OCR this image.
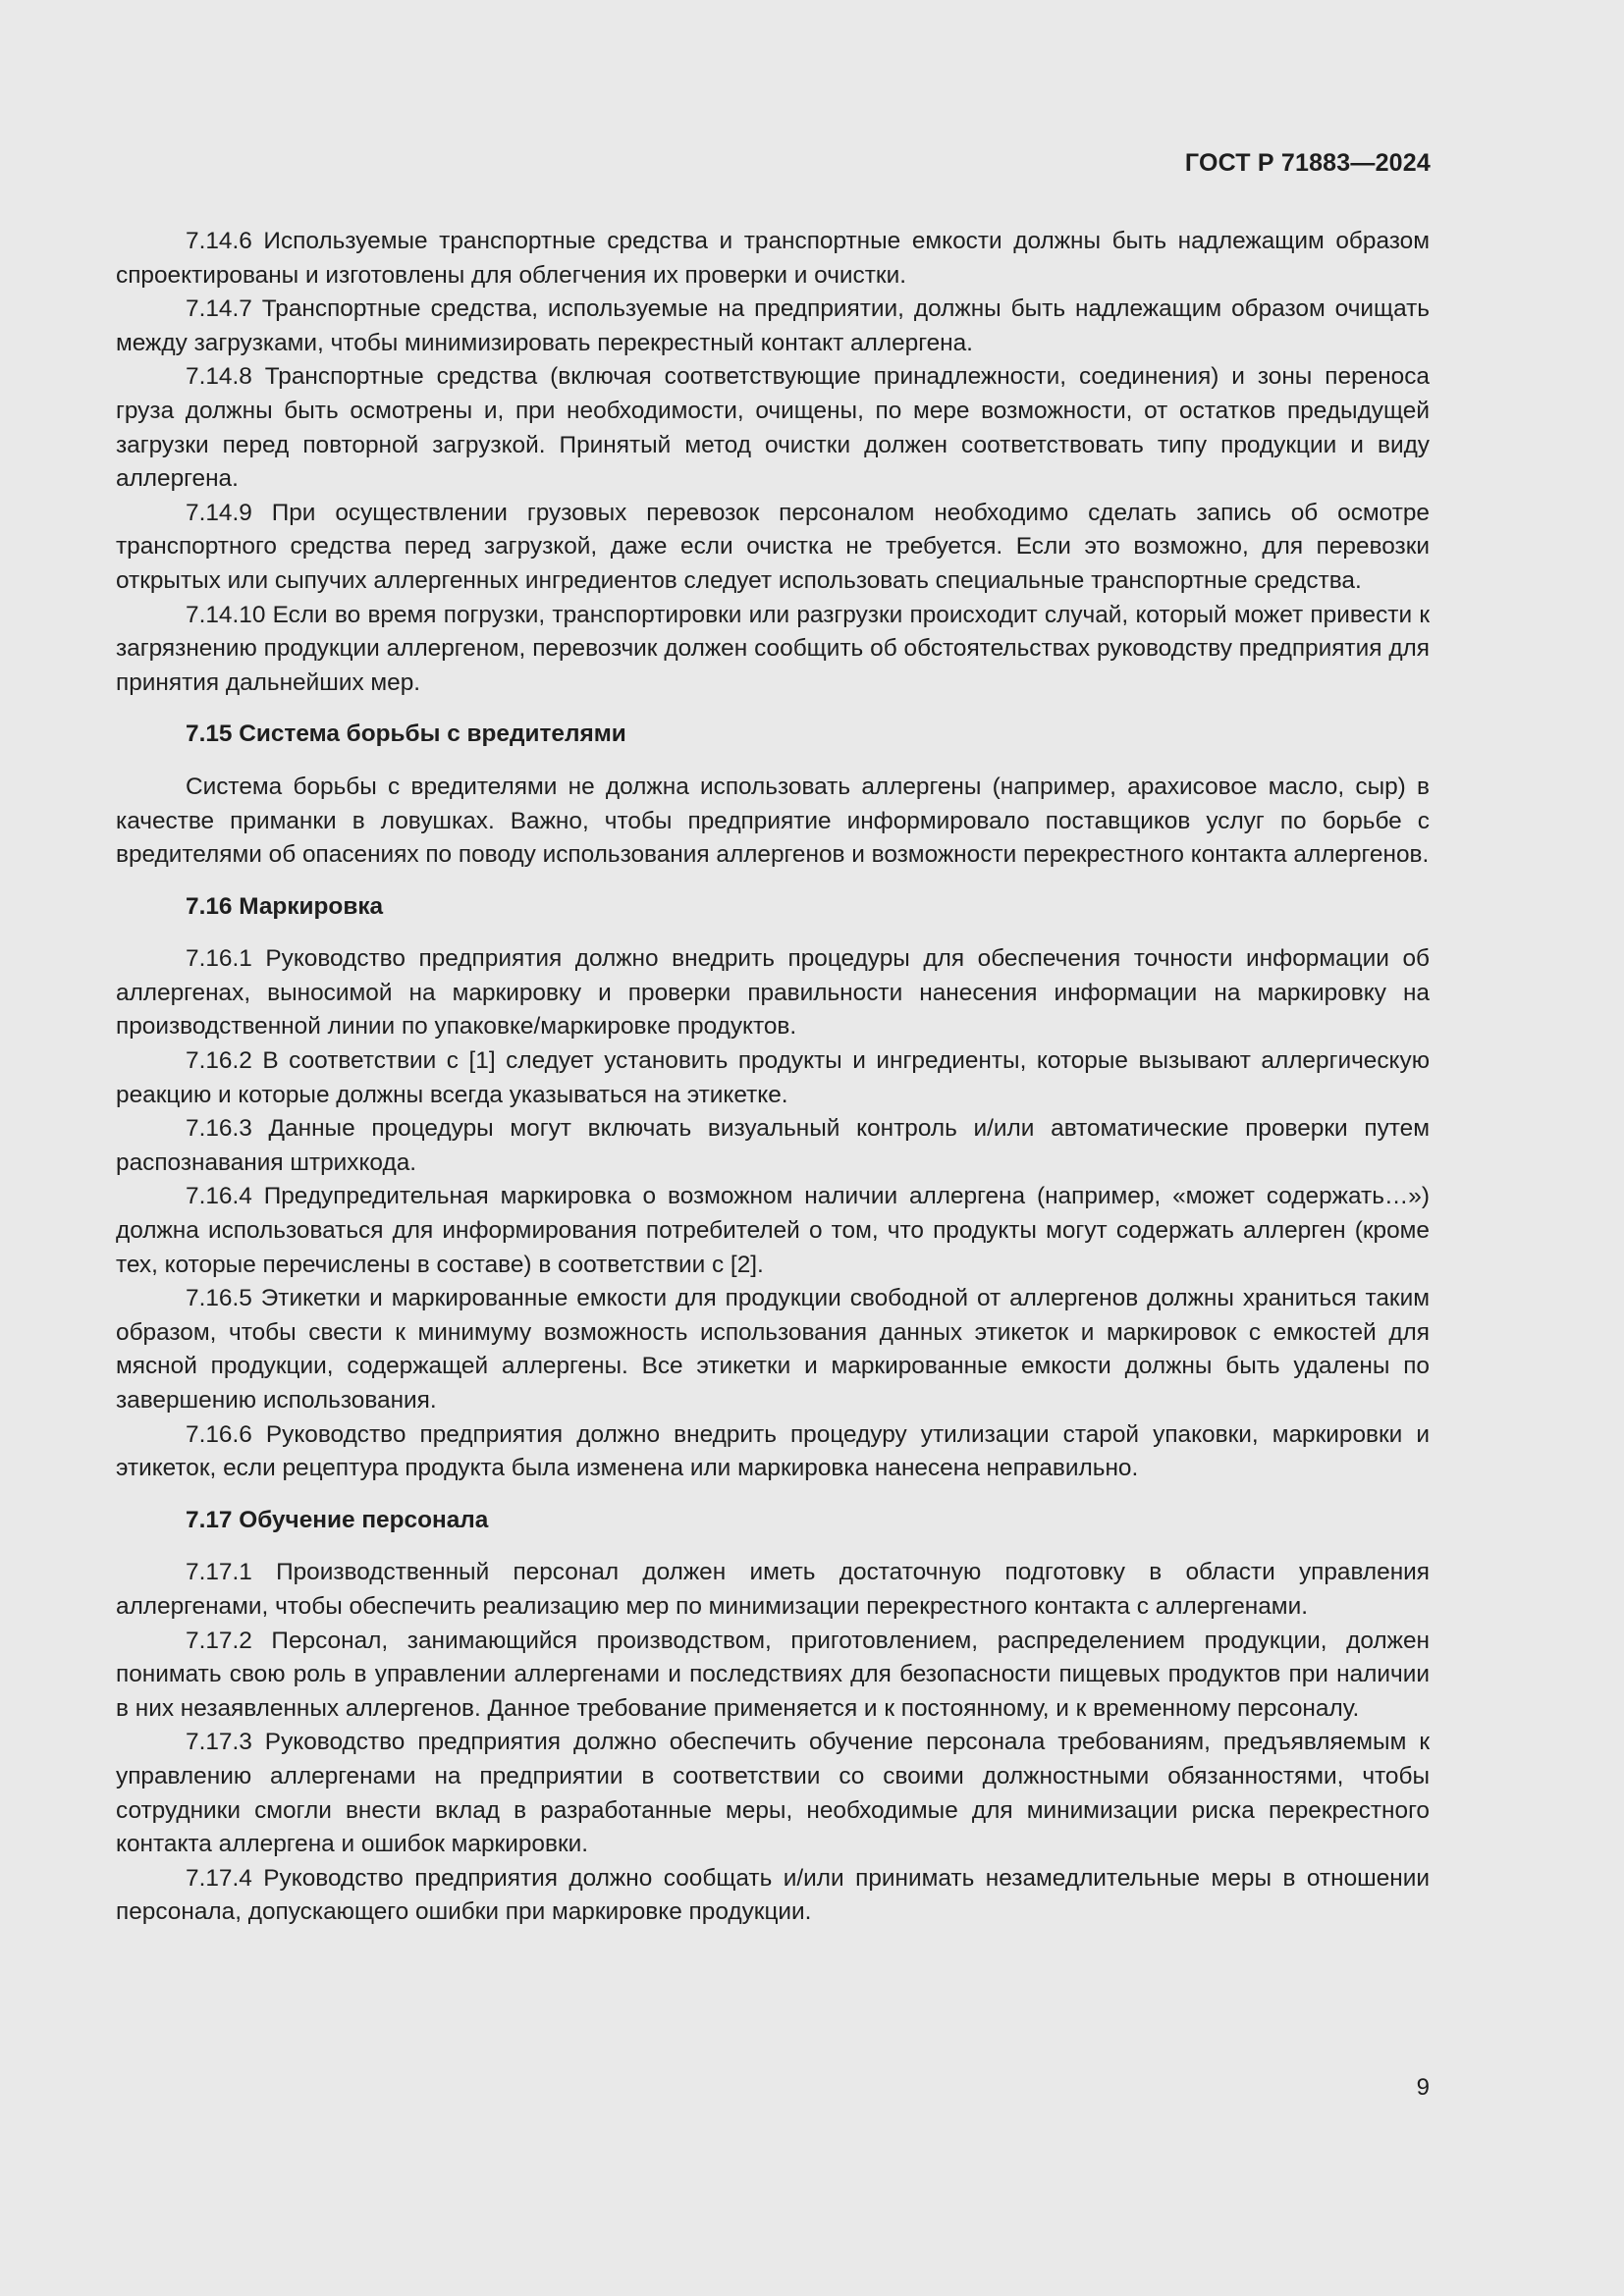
ГОСТ Р 71883—2024

7.14.6 Используемые транспортные средства и транспортные емкости должны быть надлежащим образом спроектированы и изготовлены для облегчения их проверки и очистки.

7.14.7 Транспортные средства, используемые на предприятии, должны быть надлежащим образом очищать между загрузками, чтобы минимизировать перекрестный контакт аллергена.

7.14.8 Транспортные средства (включая соответствующие принадлежности, соединения) и зоны переноса груза должны быть осмотрены и, при необходимости, очищены, по мере возможности, от остатков предыдущей загрузки перед повторной загрузкой. Принятый метод очистки должен соответствовать типу продукции и виду аллергена.

7.14.9 При осуществлении грузовых перевозок персоналом необходимо сделать запись об осмотре транспортного средства перед загрузкой, даже если очистка не требуется. Если это возможно, для перевозки открытых или сыпучих аллергенных ингредиентов следует использовать специальные транспортные средства.

7.14.10 Если во время погрузки, транспортировки или разгрузки происходит случай, который может привести к загрязнению продукции аллергеном, перевозчик должен сообщить об обстоятельствах руководству предприятия для принятия дальнейших мер.

7.15 Система борьбы с вредителями

Система борьбы с вредителями не должна использовать аллергены (например, арахисовое масло, сыр) в качестве приманки в ловушках. Важно, чтобы предприятие информировало поставщиков услуг по борьбе с вредителями об опасениях по поводу использования аллергенов и возможности перекрестного контакта аллергенов.

7.16 Маркировка

7.16.1 Руководство предприятия должно внедрить процедуры для обеспечения точности информации об аллергенах, выносимой на маркировку и проверки правильности нанесения информации на маркировку на производственной линии по упаковке/маркировке продуктов.

7.16.2 В соответствии с [1] следует установить продукты и ингредиенты, которые вызывают аллергическую реакцию и которые должны всегда указываться на этикетке.

7.16.3 Данные процедуры могут включать визуальный контроль и/или автоматические проверки путем распознавания штрихкода.

7.16.4 Предупредительная маркировка о возможном наличии аллергена (например, «может содержать…») должна использоваться для информирования потребителей о том, что продукты могут содержать аллерген (кроме тех, которые перечислены в составе) в соответствии с [2].

7.16.5 Этикетки и маркированные емкости для продукции свободной от аллергенов должны храниться таким образом, чтобы свести к минимуму возможность использования данных этикеток и маркировок с емкостей для мясной продукции, содержащей аллергены. Все этикетки и маркированные емкости должны быть удалены по завершению использования.

7.16.6 Руководство предприятия должно внедрить процедуру утилизации старой упаковки, маркировки и этикеток, если рецептура продукта была изменена или маркировка нанесена неправильно.

7.17 Обучение персонала

7.17.1 Производственный персонал должен иметь достаточную подготовку в области управления аллергенами, чтобы обеспечить реализацию мер по минимизации перекрестного контакта с аллергенами.

7.17.2 Персонал, занимающийся производством, приготовлением, распределением продукции, должен понимать свою роль в управлении аллергенами и последствиях для безопасности пищевых продуктов при наличии в них незаявленных аллергенов. Данное требование применяется и к постоянному, и к временному персоналу.

7.17.3 Руководство предприятия должно обеспечить обучение персонала требованиям, предъявляемым к управлению аллергенами на предприятии в соответствии со своими должностными обязанностями, чтобы сотрудники смогли внести вклад в разработанные меры, необходимые для минимизации риска перекрестного контакта аллергена и ошибок маркировки.

7.17.4 Руководство предприятия должно сообщать и/или принимать незамедлительные меры в отношении персонала, допускающего ошибки при маркировке продукции.

9
